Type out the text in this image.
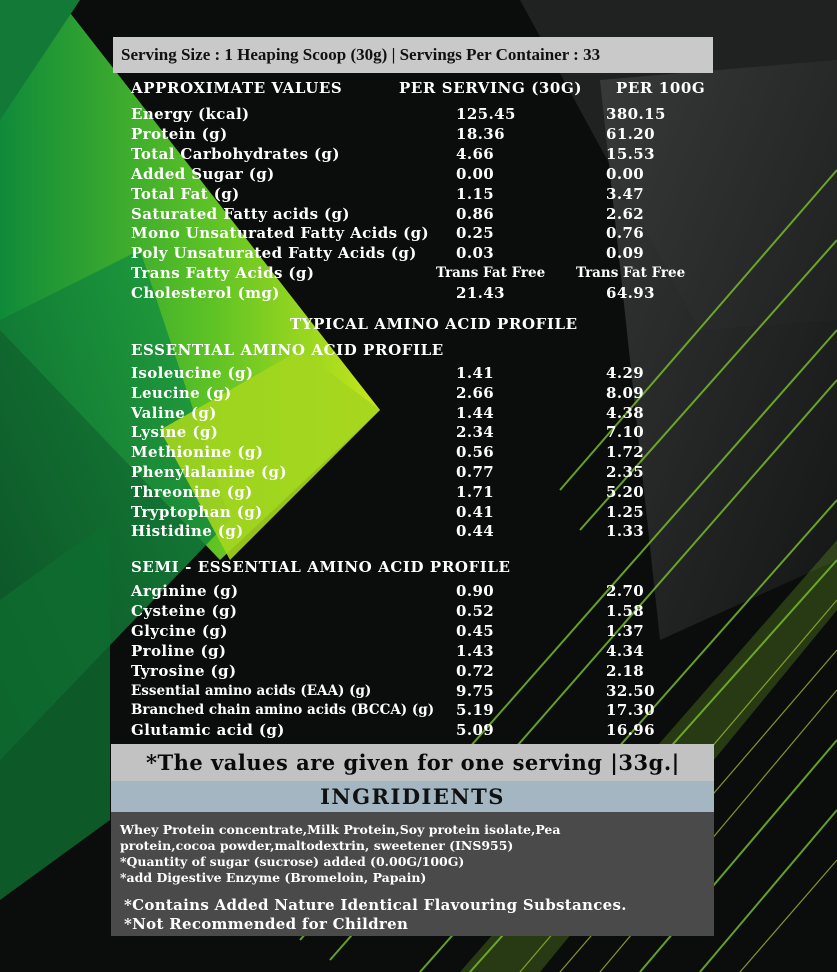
Serving Size : 1 Heaping Scoop (30g) | Servings Per Container : 33
APPROXIMATE VALUES	PER SERVING (30G) PER 100G
Energy (kcal)	125.45	380.15
Protein (g)	18.36	61.20
Total Carbohydrates (g)	4.66	15.53
Added Sugar (g)	0.00	0.00
Total Fat (g)	1.15	3.47
Saturated Fatty acids (g)	0.86	2.62
Mono Unsaturated Fatty Acids (g) 0.25	0.76
Poly Unsaturated Fatty Acids (g)	0.03	0.09
Trans Fatty Acids (g)	Trans Fat Free Trans Fat Free
Cholesterol (mg)	21.43	64.93
TYPICAL AMINO ACID PROFILE
ESSENTIAL AMINO ACID PROFILE
Isoleucine (g)	1.41	4.29
Leucine (g)	2.66	8.09
Valine (g)	1.44	4.38
Lysine (g)	2.34	7.10
Methionine (g)	0.56	1.72
Phenylalanine (g)	0.77	2.35
Threonine (g)	1.71	5.20
Tryptophan (g)	0.41	1.25
Histidine (g)	0.44	1.33
SEMI - ESSENTIAL AMINO ACID PROFILE
Arginine (g)	0.90	2.70
Cysteine (g)	0.52	1.58
Glycine (g)	0.45	1.37
Proline (g)	1.43	4.34
Tyrosine (g)	0.72	2.18
Essential amino acids (EAA) (g)	9.75	32.50
Branched chain amino acids (BCCA) (g) 5.19	17.30
Glutamic acid (g)	5.09	16.96
*The values are given for one serving |33g.|
INGRIDIENTS
Whey Protein concentrate,Milk Protein,Soy protein isolate,Pea
protein,cocoa powder,maltodextrin, sweetener (INS955)
*Quantity of sugar (sucrose) added (0.00G/100G)
*add Digestive Enzyme (Bromeloin, Papain)
*Contains Added Nature Identical Flavouring Substances.
*Not Recommended for Children
